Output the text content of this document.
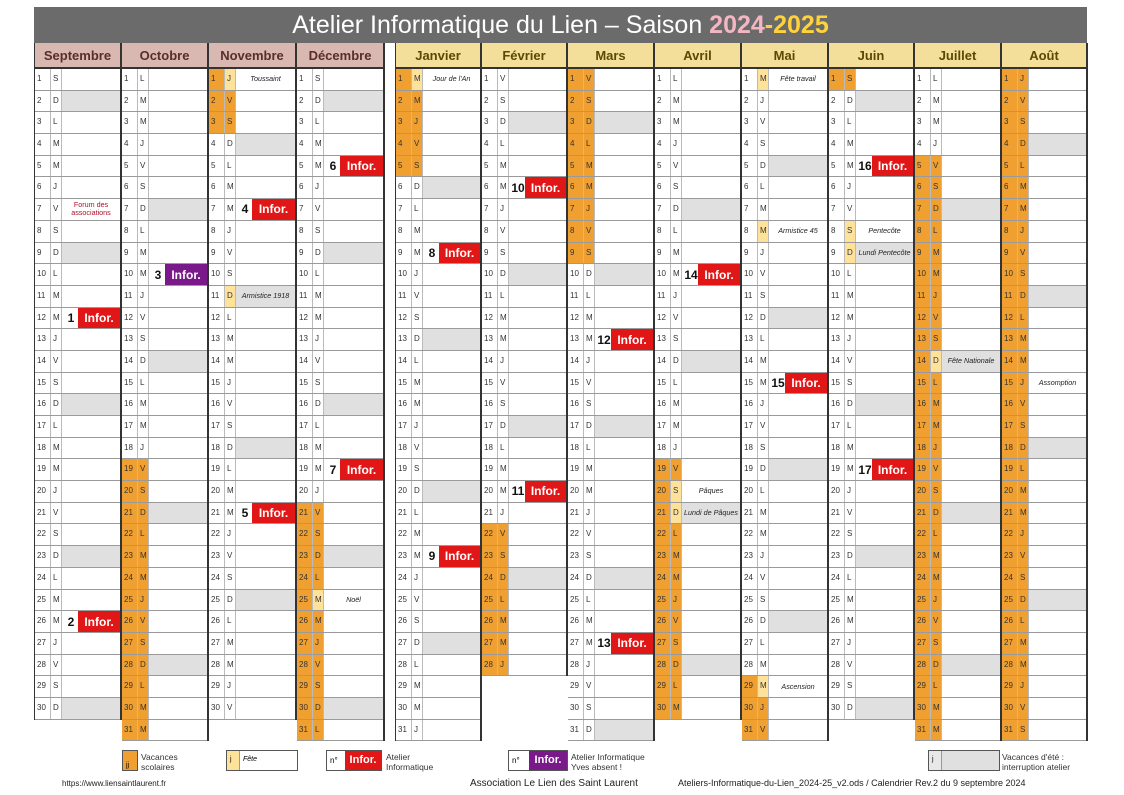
Atelier Informatique du Lien – Saison 2024-2025
Septembre
1	S
2	D
3	L
4	M
5	M
6	J
7	V	Forum des associations
8	S
9	D
10 L
11 M
12 M 1 Infor.
13 J
14 V
15 S
16 D
17 L
18 M
19 M
20 J
21 V
22 S
23 D
24 L
25 M
26 M 2 Infor.
27 J
28 V
29 S
30 D
Octobre
1	L
2	M
3	M
4	J
5	V
6	S
7	D
8	L
9	M
10 M 3 Infor.
11 J
12 V
13 S
14 D
15 L
16 M
17 M
18 J
19 V
20 S
21 D
22 L
23 M
24 M
25 J
26 V
27 S
28 D
29 L
30 M
31 M
Novembre
1	J	Toussaint
2	V
3	S
4	D
5	L
6	M
7	M 4 Infor.
8	J
9	V
10 S
11 D	Armistice 1918
12 L
13 M
14 M
15 J
16 V
17 S
18 D
19 L
20 M
21 M 5 Infor.
22 J
23 V
24 S
25 D
26 L
27 M
28 M
29 J
30 V
Décembre
1	S
2	D
3	L
4	M
5	M 6 Infor.
6	J
7	V
8	S
9	D
10 L
11 M
12 M
13 J
14 V
15 S
16 D
17 L
18 M
19 M 7 Infor.
20 J
21 V
22 S
23 D
24 L
25 M	Noël
26 M
27 J
28 V
29 S
30 D
31 L
Janvier
1	M	Jour de l'An
2	M
3	J
4	V
5	S
6	D
7	L
8	M
9	M 8 Infor.
10 J
11 V
12 S
13 D
14 L
15 M
16 M
17 J
18 V
19 S
20 D
21 L
22 M
23 M 9 Infor.
24 J
25 V
26 S
27 D
28 L
29 M
30 M
31 J
Février
1	V
2	S
3	D
4	L
5	M
6	M 10 Infor.
7	J
8	V
9	S
10 D
11 L
12 M
13 M
14 J
15 V
16 S
17 D
18 L
19 M
20 M 11 Infor.
21 J
22 V
23 S
24 D
25 L
26 M
27 M
28 J
Mars
1	V
2	S
3	D
4	L
5	M
6	M
7	J
8	V
9	S
10 D
11 L
12 M
13 M 12 Infor.
14 J
15 V
16 S
17 D
18 L
19 M
20 M
21 J
22 V
23 S
24 D
25 L
26 M
27 M 13 Infor.
28 J
29 V
30 S
31 D
Avril
1	L
2	M
3	M
4	J
5	V
6	S
7	D
8	L
9	M
10 M 14 Infor.
11 J
12 V
13 S
14 D
15 L
16 M
17 M
18 J
19 V
20 S	Pâques
21 D Lundi de Pâques
22 L
23 M
24 M
25 J
26 V
27 S
28 D
29 L
30 M
Mai
1	M	Fête travail
2	J
3	V
4	S
5	D
6	L
7	M
8	M	Armistice 45
9	J
10 V
11 S
12 D
13 L
14 M
15 M 15 Infor.
16 J
17 V
18 S
19 D
20 L
21 M
22 M
23 J
24 V
25 S
26 D
27 L
28 M
29 M	Ascension
30 J
31 V
Juin
1	S
2	D
3	L
4	M
5	M 16 Infor.
6	J
7	V
8	S	Pentecôte
9	D Lundi Pentecôte
10 L
11 M
12 M
13 J
14 V
15 S
16 D
17 L
18 M
19 M 17 Infor.
20 J
21 V
22 S
23 D
24 L
25 M
26 M
27 J
28 V
29 S
30 D
Juillet
1	L
2	M
3	M
4	J
5	V
6	S
7	D
8	L
9	M
10 M
11 J
12 V
13 S
14 D	Fête Nationale
15 L
16 M
17 M
18 J
19 V
20 S
21 D
22 L
23 M
24 M
25 J
26 V
27 S
28 D
29 L
30 M
31 M
Août
1	J
2	V
3	S
4	D
5	L
6	M
7	M
8	J
9	V
10 S
11 D
12 L
13 M
14 M
15 J	Assomption
16 V
17 S
18 D
19 L
20 M
21 M
22 J
23 V
24 S
25 D
26 L
27 M
28 M
29 J
30 V
31 S
jj
Vacances scolaires
j Fête	n°	Infor.	Atelier Informatique
n°	Infor.	Atelier Informatique Yves absent !
j	Vacances d'été : interruption atelier
https://www.liensaintlaurent.fr	Association Le Lien des Saint Laurent	Ateliers-Informatique-du-Lien_2024-25_v2.ods / Calendrier Rev.2 du 9 septembre 2024
